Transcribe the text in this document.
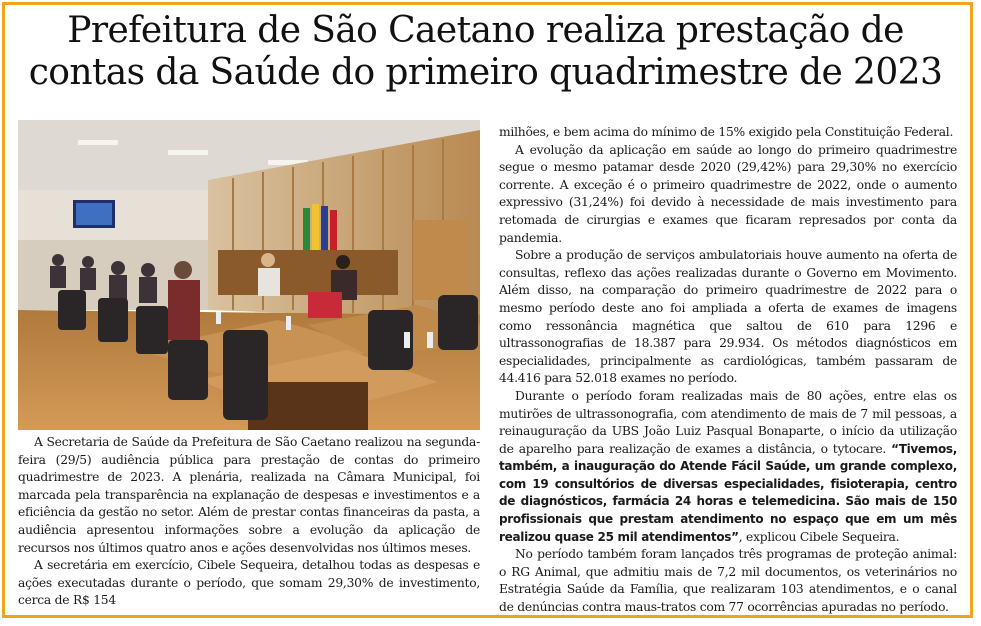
Prefeitura de São Caetano realiza prestação de
contas da Saúde do primeiro quadrimestre de 2023

A Secretaria de Saúde da Prefeitura de São Caetano realizou na segunda-feira (29/5) audiência pública para prestação de contas do primeiro quadrimestre de 2023. A plenária, realizada na Câmara Municipal, foi marcada pela transparência na explanação de despesas e investimentos e a eficiência da gestão no setor. Além de prestar contas financeiras da pasta, a audiência apresentou informações sobre a evolução da aplicação de recursos nos últimos quatro anos e ações desenvolvidas nos últimos meses.

A secretária em exercício, Cibele Sequeira, detalhou todas as despesas e ações executadas durante o período, que somam 29,30% de investimento, cerca de R$ 154

milhões, e bem acima do mínimo de 15% exigido pela Constituição Federal.

A evolução da aplicação em saúde ao longo do primeiro quadrimestre segue o mesmo patamar desde 2020 (29,42%) para 29,30% no exercício corrente. A exceção é o primeiro quadrimestre de 2022, onde o aumento expressivo (31,24%) foi devido à necessidade de mais investimento para retomada de cirurgias e exames que ficaram represados por conta da pandemia.

Sobre a produção de serviços ambulatoriais houve aumento na oferta de consultas, reflexo das ações realizadas durante o Governo em Movimento. Além disso, na comparação do primeiro quadrimestre de 2022 para o mesmo período deste ano foi ampliada a oferta de exames de imagens como ressonância magnética que saltou de 610 para 1296 e ultrassonografias de 18.387 para 29.934. Os métodos diagnósticos em especialidades, principalmente as cardiológicas, também passaram de 44.416 para 52.018 exames no período.

Durante o período foram realizadas mais de 80 ações, entre elas os mutirões de ultrassonografia, com atendimento de mais de 7 mil pessoas, a reinauguração da UBS João Luiz Pasqual Bonaparte, o início da utilização de aparelho para realização de exames a distância, o tytocare. “Tivemos, também, a inauguração do Atende Fácil Saúde, um grande complexo, com 19 consultórios de diversas especialidades, fisioterapia, centro de diagnósticos, farmácia 24 horas e telemedicina. São mais de 150 profissionais que prestam atendimento no espaço que em um mês realizou quase 25 mil atendimentos”, explicou Cibele Sequeira.

No período também foram lançados três programas de proteção animal: o RG Animal, que admitiu mais de 7,2 mil documentos, os veterinários no Estratégia Saúde da Família, que realizaram 103 atendimentos, e o canal de denúncias contra maus-tratos com 77 ocorrências apuradas no período.
